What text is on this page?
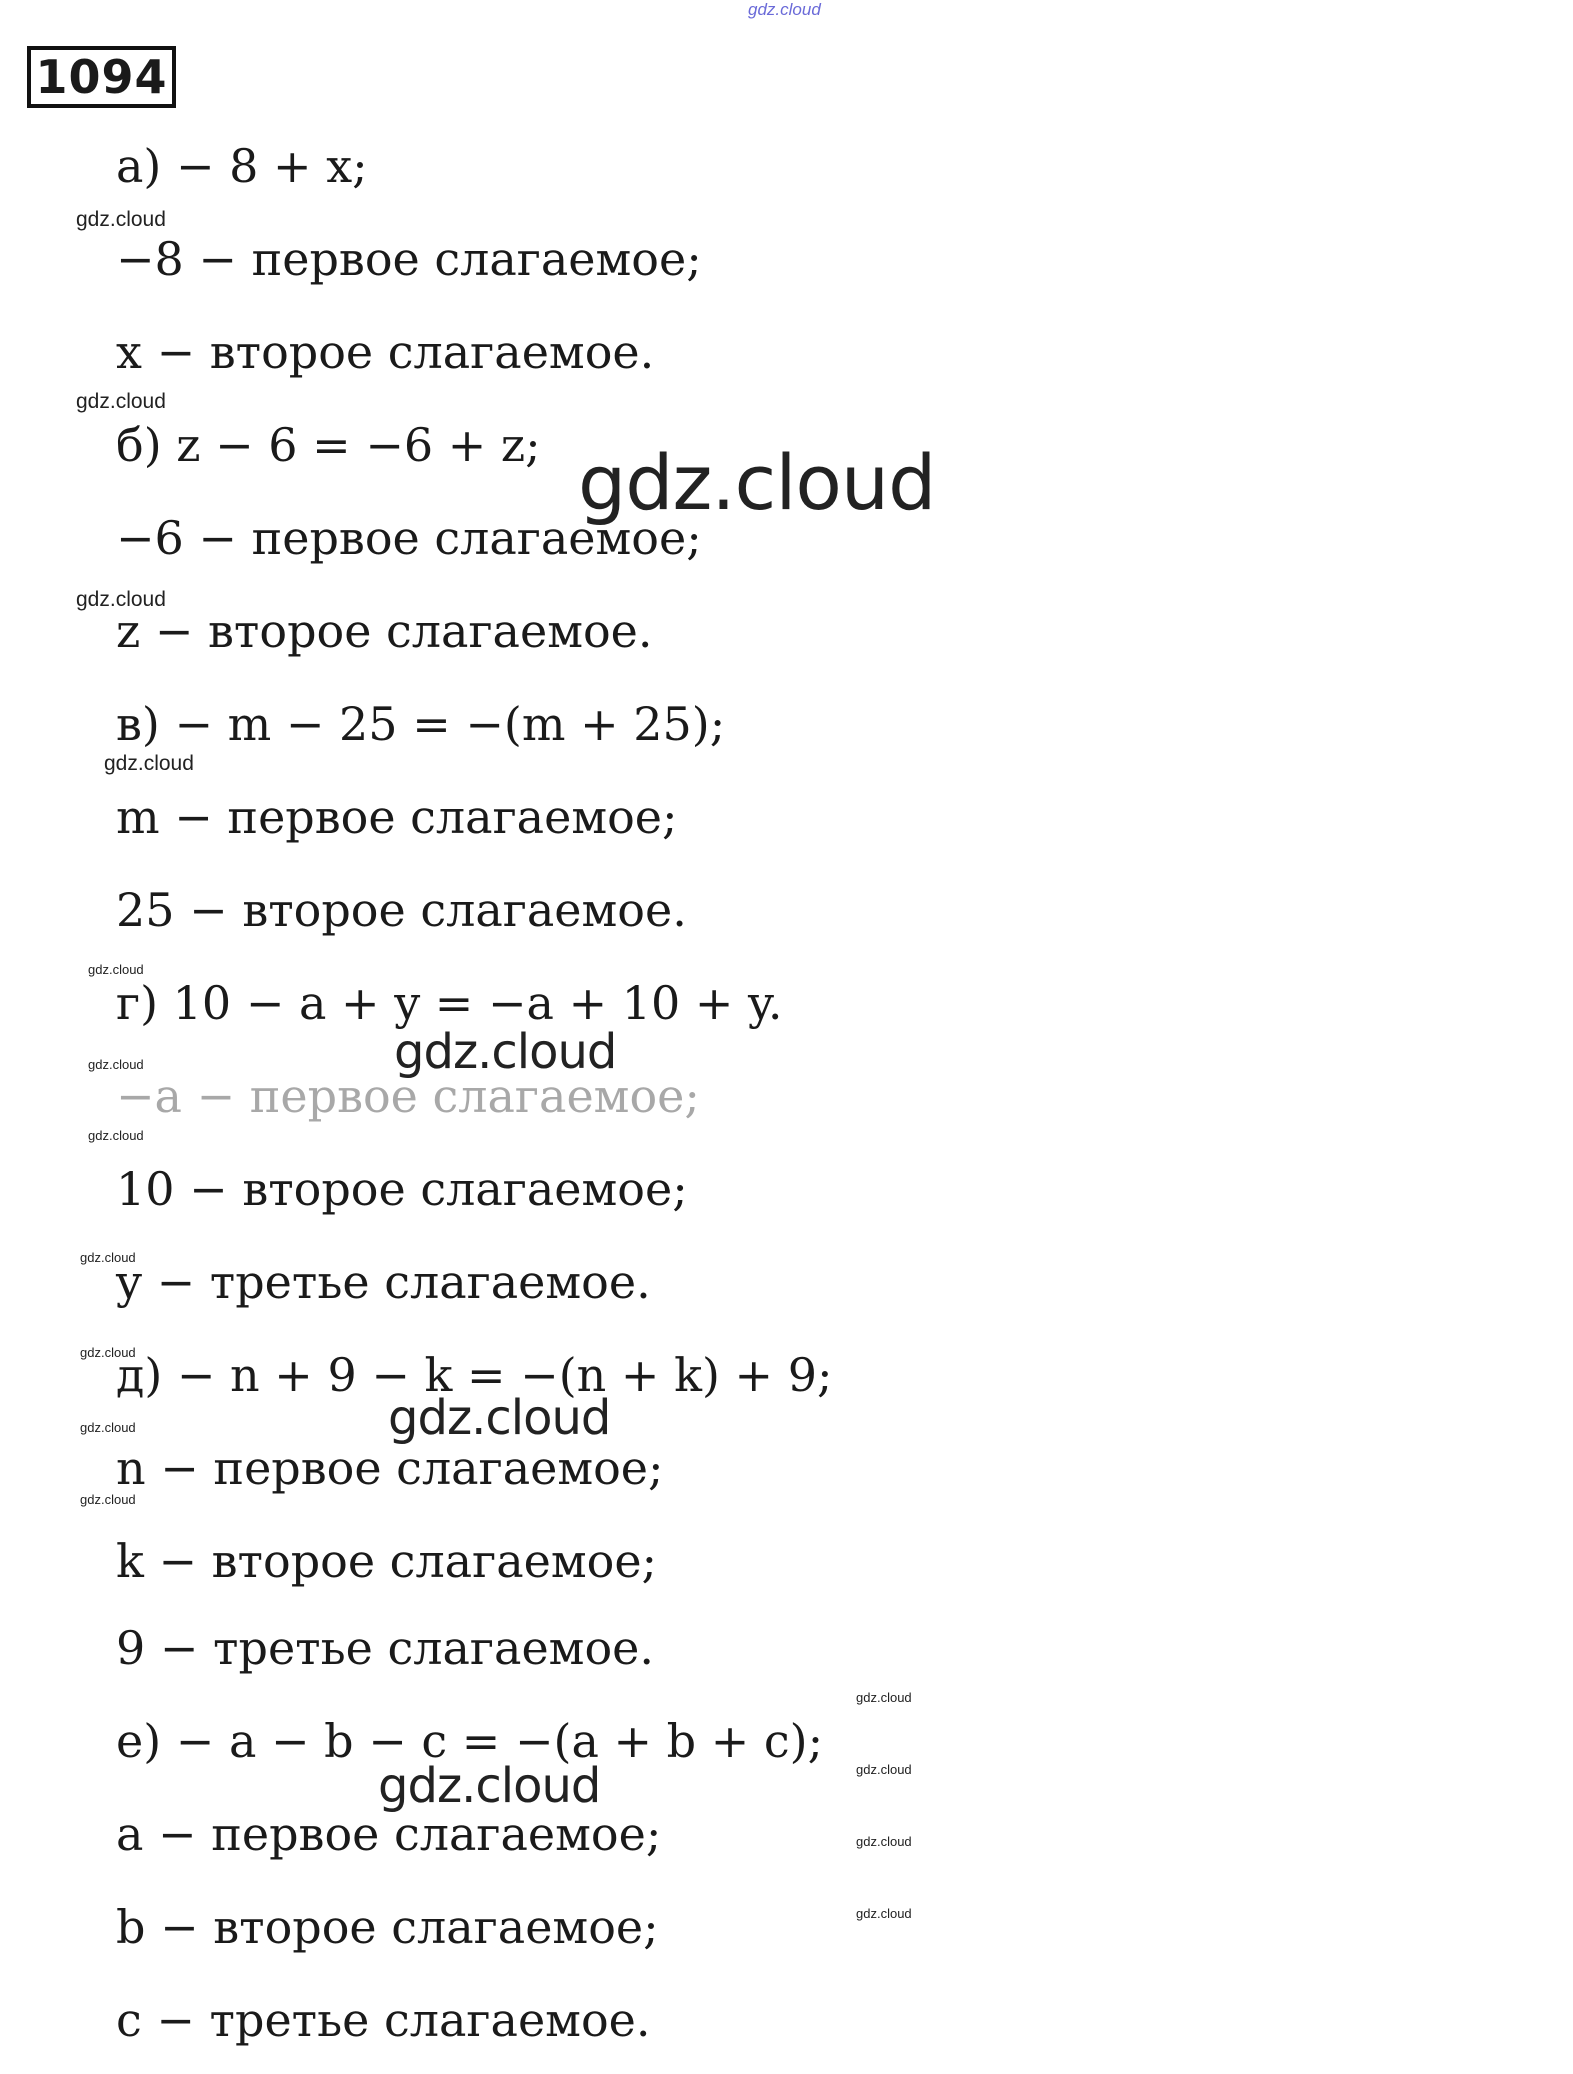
gdz.cloud
1094
а) − 8 + x;
−8 − первое слагаемое;
x − второе слагаемое.
б) z − 6 = −6 + z;
−6 − первое слагаемое;
z − второе слагаемое.
в) − m − 25 = −(m + 25);
m − первое слагаемое;
25 − второе слагаемое.
г) 10 − a + y = −a + 10 + y.
−a − первое слагаемое;
10 − второе слагаемое;
y − третье слагаемое.
д) − n + 9 − k = −(n + k) + 9;
n − первое слагаемое;
k − второе слагаемое;
9 − третье слагаемое.
е) − a − b − c = −(a + b + c);
a − первое слагаемое;
b − второе слагаемое;
c − третье слагаемое.
gdz.cloud
gdz.cloud
gdz.cloud
gdz.cloud
gdz.cloud
gdz.cloud
gdz.cloud
gdz.cloud
gdz.cloud
gdz.cloud
gdz.cloud
gdz.cloud
gdz.cloud
gdz.cloud
gdz.cloud
gdz.cloud
gdz.cloud
gdz.cloud
gdz.cloud
